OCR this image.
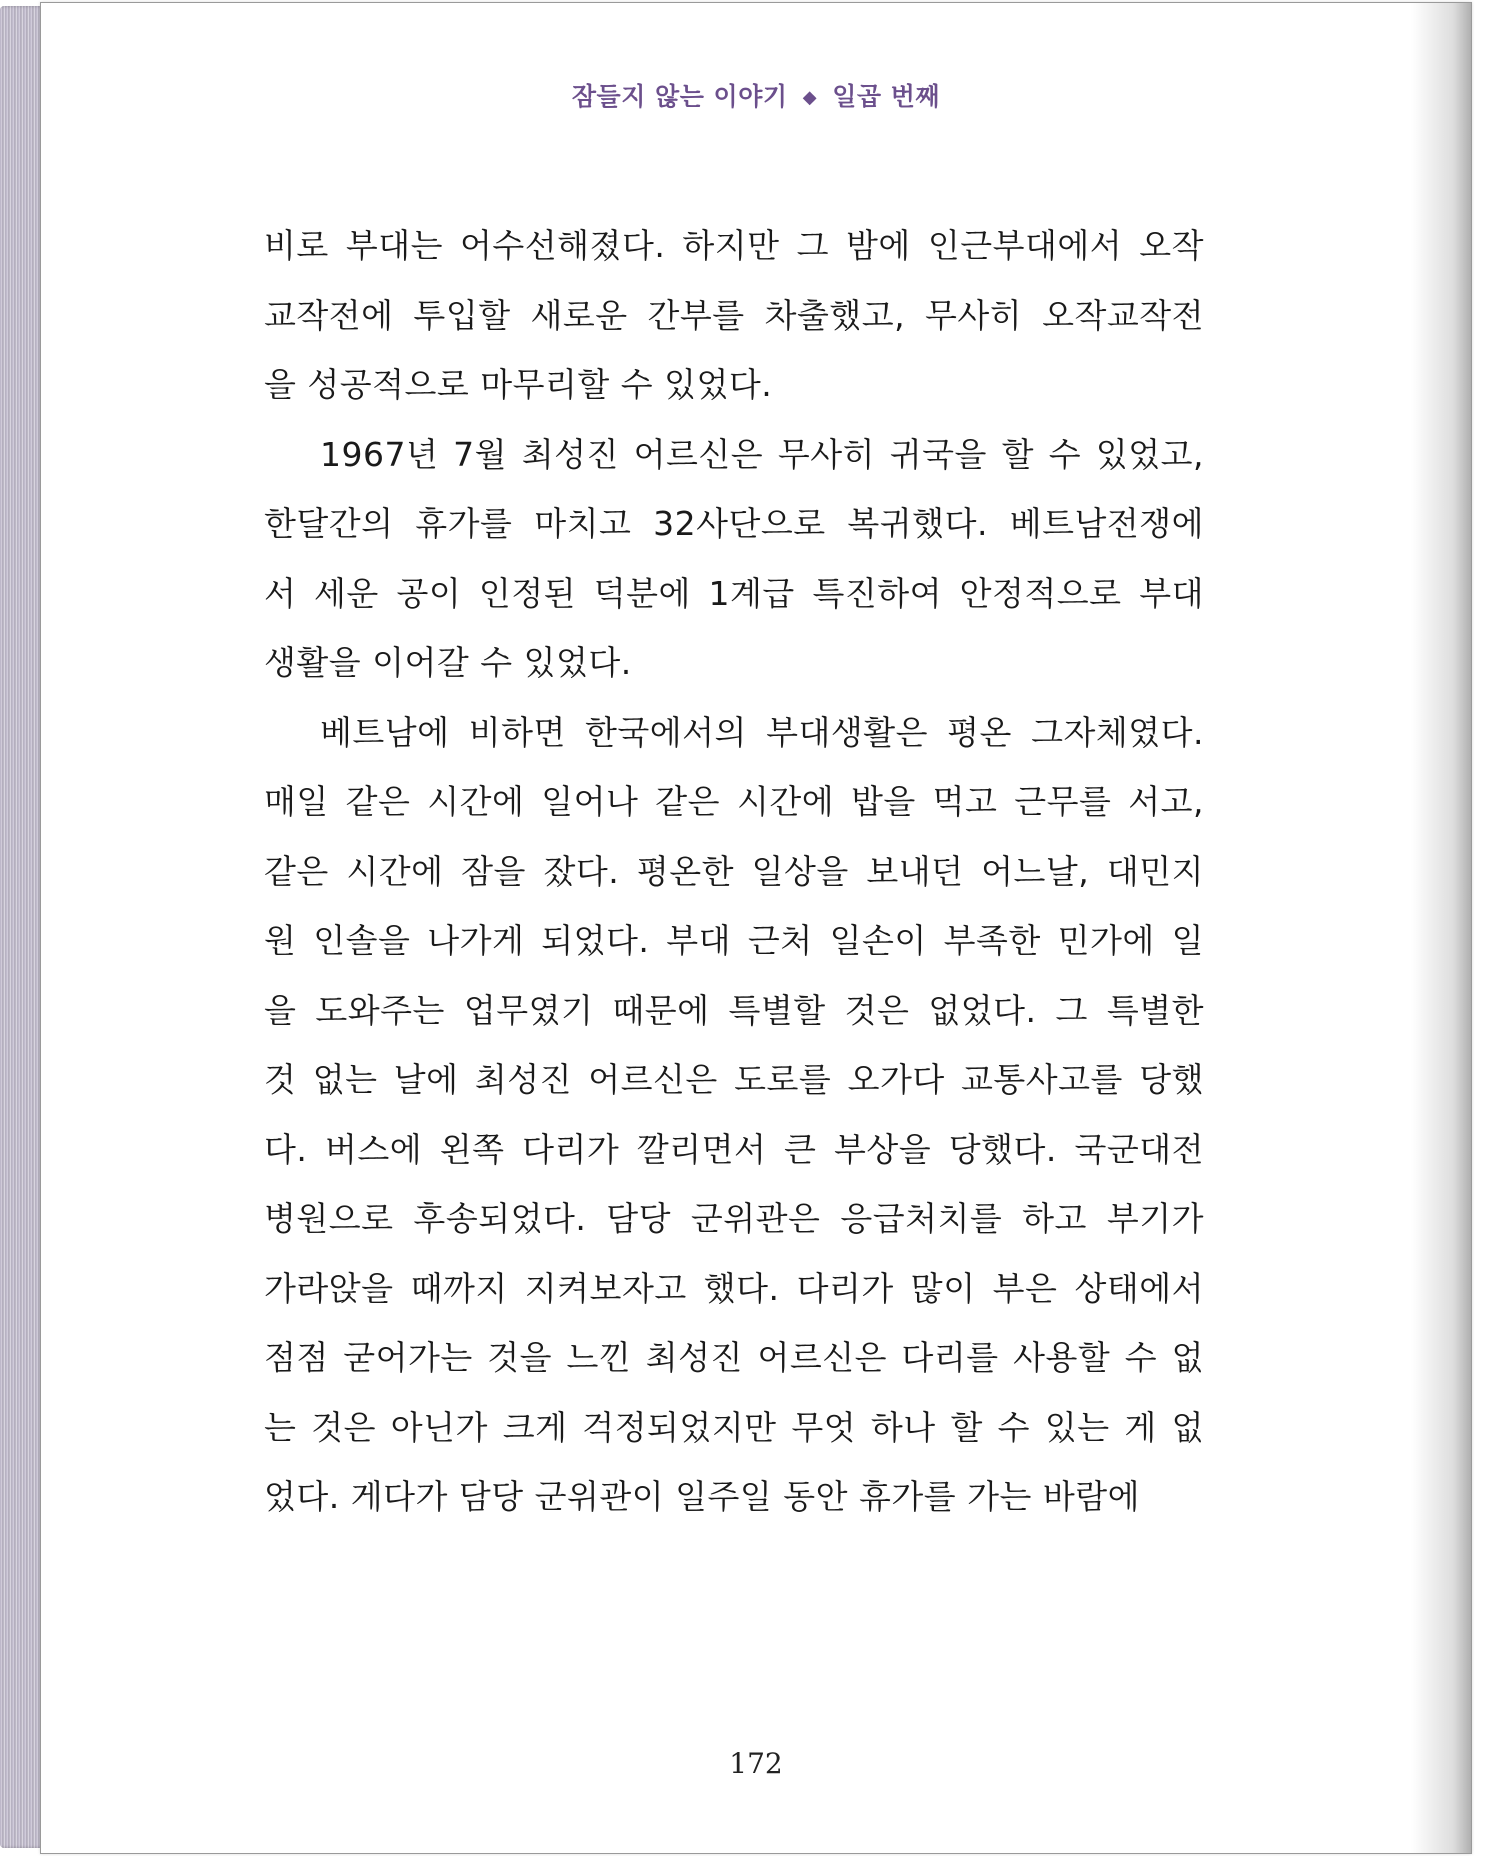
잠들지 않는 이야기 ◆ 일곱 번째
비로 부대는 어수선해졌다. 하지만 그 밤에 인근부대에서 오작
교작전에 투입할 새로운 간부를 차출했고, 무사히 오작교작전
을 성공적으로 마무리할 수 있었다.
1967년 7월 최성진 어르신은 무사히 귀국을 할 수 있었고,
한달간의 휴가를 마치고 32사단으로 복귀했다. 베트남전쟁에
서 세운 공이 인정된 덕분에 1계급 특진하여 안정적으로 부대
생활을 이어갈 수 있었다.
베트남에 비하면 한국에서의 부대생활은 평온 그자체였다.
매일 같은 시간에 일어나 같은 시간에 밥을 먹고 근무를 서고,
같은 시간에 잠을 잤다. 평온한 일상을 보내던 어느날, 대민지
원 인솔을 나가게 되었다. 부대 근처 일손이 부족한 민가에 일
을 도와주는 업무였기 때문에 특별할 것은 없었다. 그 특별한
것 없는 날에 최성진 어르신은 도로를 오가다 교통사고를 당했
다. 버스에 왼쪽 다리가 깔리면서 큰 부상을 당했다. 국군대전
병원으로 후송되었다. 담당 군위관은 응급처치를 하고 부기가
가라앉을 때까지 지켜보자고 했다. 다리가 많이 부은 상태에서
점점 굳어가는 것을 느낀 최성진 어르신은 다리를 사용할 수 없
는 것은 아닌가 크게 걱정되었지만 무엇 하나 할 수 있는 게 없
었다. 게다가 담당 군위관이 일주일 동안 휴가를 가는 바람에
172
